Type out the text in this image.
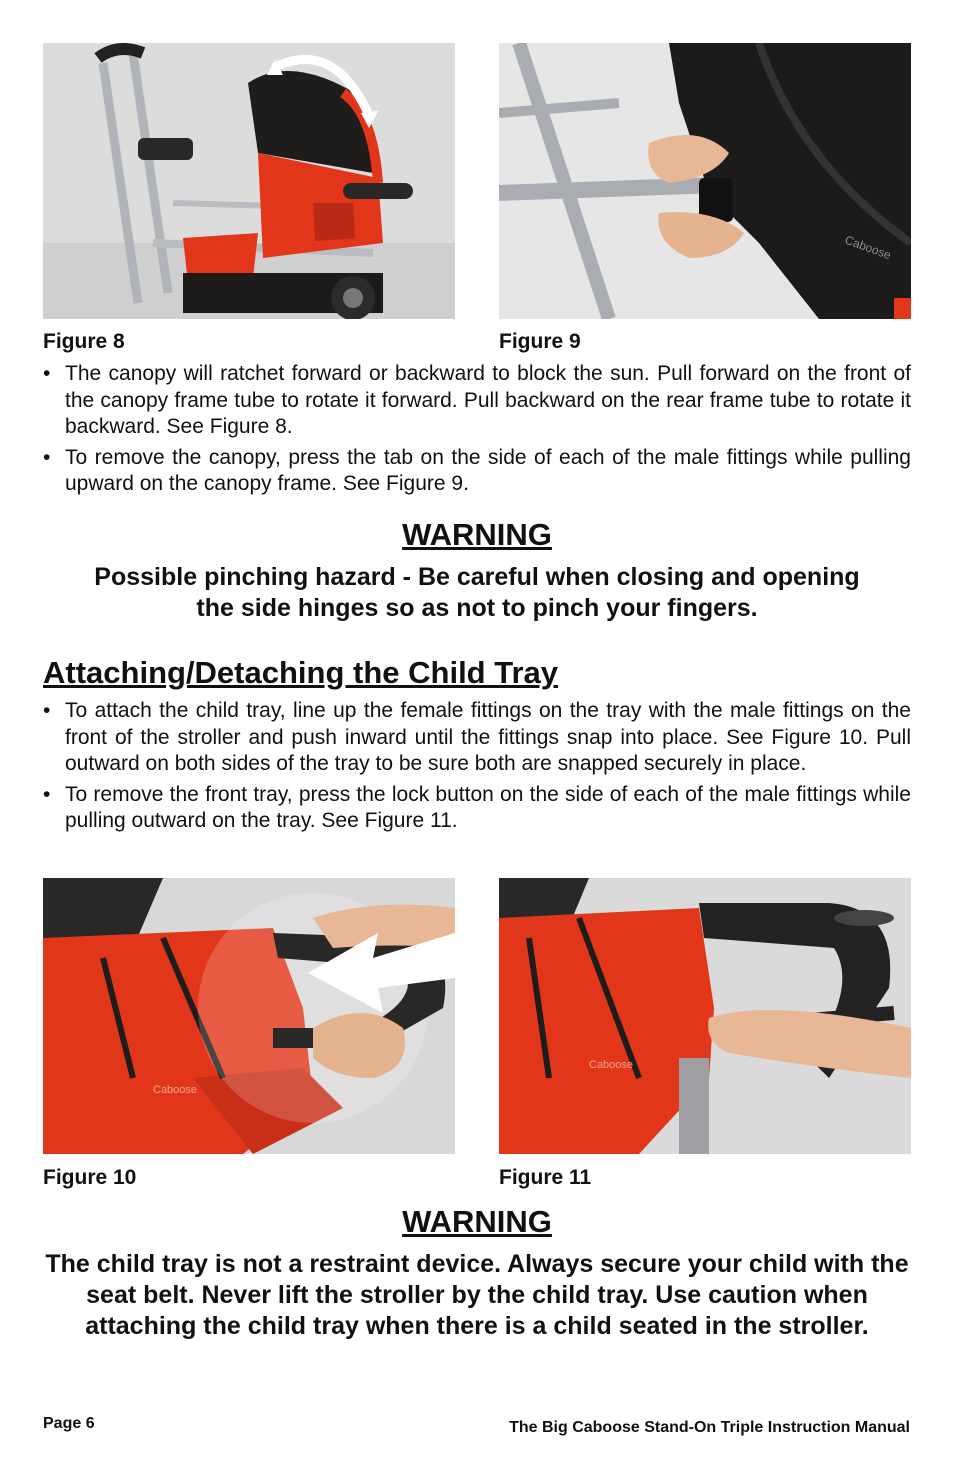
Caboose
Figure 8	Figure 9
• The canopy will ratchet forward or backward to block the sun. Pull forward on the front of the canopy frame tube to rotate it forward. Pull backward on the rear frame tube to rotate it backward. See Figure 8.
• To remove the canopy, press the tab on the side of each of the male fittings while pulling upward on the canopy frame. See Figure 9.
WARNING

Possible pinching hazard - Be careful when closing and opening the side hinges so as not to pinch your fingers.

Attaching/Detaching the Child Tray
• To attach the child tray, line up the female fittings on the tray with the male fittings on the front of the stroller and push inward until the fittings snap into place. See Figure 10. Pull outward on both sides of the tray to be sure both are snapped securely in place.
• To remove the front tray, press the lock button on the side of each of the male fittings while pulling outward on the tray. See Figure 11.
Caboose
Caboose
Figure 10	Figure 11
WARNING

The child tray is not a restraint device. Always secure your child with the seat belt. Never lift the stroller by the child tray. Use caution when attaching the child tray when there is a child seated in the stroller.

Page 6	The Big Caboose Stand-On Triple Instruction Manual
